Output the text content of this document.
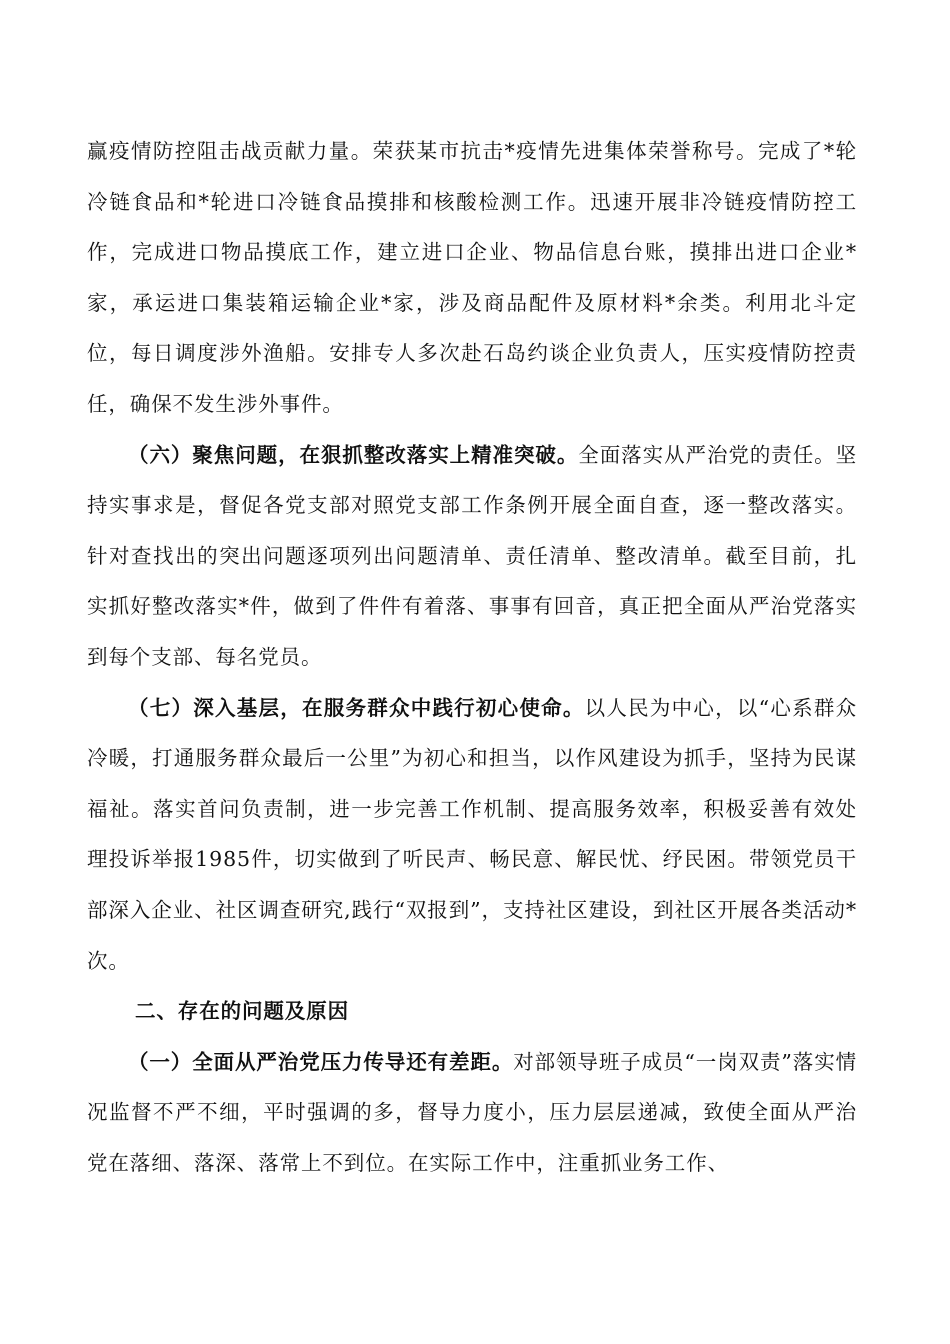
赢疫情防控阻击战贡献力量。荣获某市抗击*疫情先进集体荣誉称号。完成了*轮冷链食品和*轮进口冷链食品摸排和核酸检测工作。迅速开展非冷链疫情防控工作，完成进口物品摸底工作，建立进口企业、物品信息台账，摸排出进口企业*家，承运进口集装箱运输企业*家，涉及商品配件及原材料*余类。利用北斗定位，每日调度涉外渔船。安排专人多次赴石岛约谈企业负责人，压实疫情防控责任，确保不发生涉外事件。

（六）聚焦问题，在狠抓整改落实上精准突破。全面落实从严治党的责任。坚持实事求是，督促各党支部对照党支部工作条例开展全面自查，逐一整改落实。针对查找出的突出问题逐项列出问题清单、责任清单、整改清单。截至目前，扎实抓好整改落实*件，做到了件件有着落、事事有回音，真正把全面从严治党落实到每个支部、每名党员。

（七）深入基层，在服务群众中践行初心使命。以人民为中心，以“心系群众冷暖，打通服务群众最后一公里”为初心和担当，以作风建设为抓手，坚持为民谋福祉。落实首问负责制，进一步完善工作机制、提高服务效率，积极妥善有效处理投诉举报1985件，切实做到了听民声、畅民意、解民忧、纾民困。带领党员干部深入企业、社区调查研究,践行“双报到”，支持社区建设，到社区开展各类活动*次。

二、存在的问题及原因

（一）全面从严治党压力传导还有差距。对部领导班子成员“一岗双责”落实情况监督不严不细，平时强调的多，督导力度小，压力层层递减，致使全面从严治党在落细、落深、落常上不到位。在实际工作中，注重抓业务工作、
